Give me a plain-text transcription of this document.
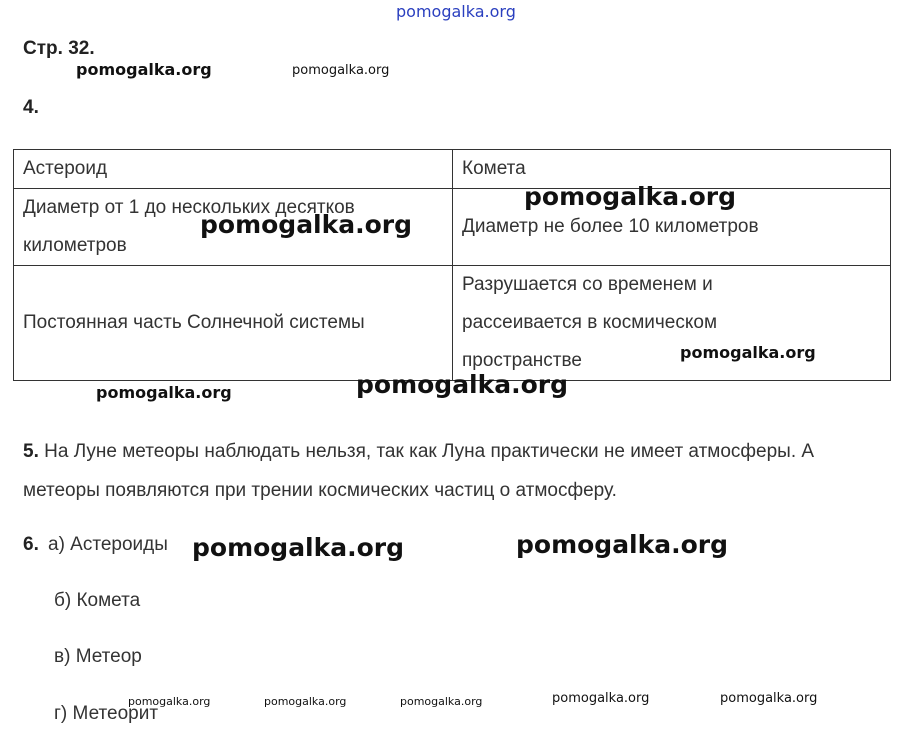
pomogalka.org
Стр. 32.
4.
pomogalka.org	pomogalka.org
Астероид	Комета
Диаметр от 1 до нескольких десятков километров	Диаметр не более 10 километров
Постоянная часть Солнечной системы	Разрушается со временем и рассеивается в космическом пространстве
pomogalka.org
pomogalka.org
pomogalka.org
pomogalka.org
pomogalka.org
5. На Луне метеоры наблюдать нельзя, так как Луна практически не имеет атмосферы. А метеоры появляются при трении космических частиц о атмосферу.
6. а) Астероиды
б) Комета
в) Метеор
г) Метеорит
pomogalka.org	pomogalka.org
pomogalka.org	pomogalka.org	pomogalka.org	pomogalka.org	pomogalka.org
